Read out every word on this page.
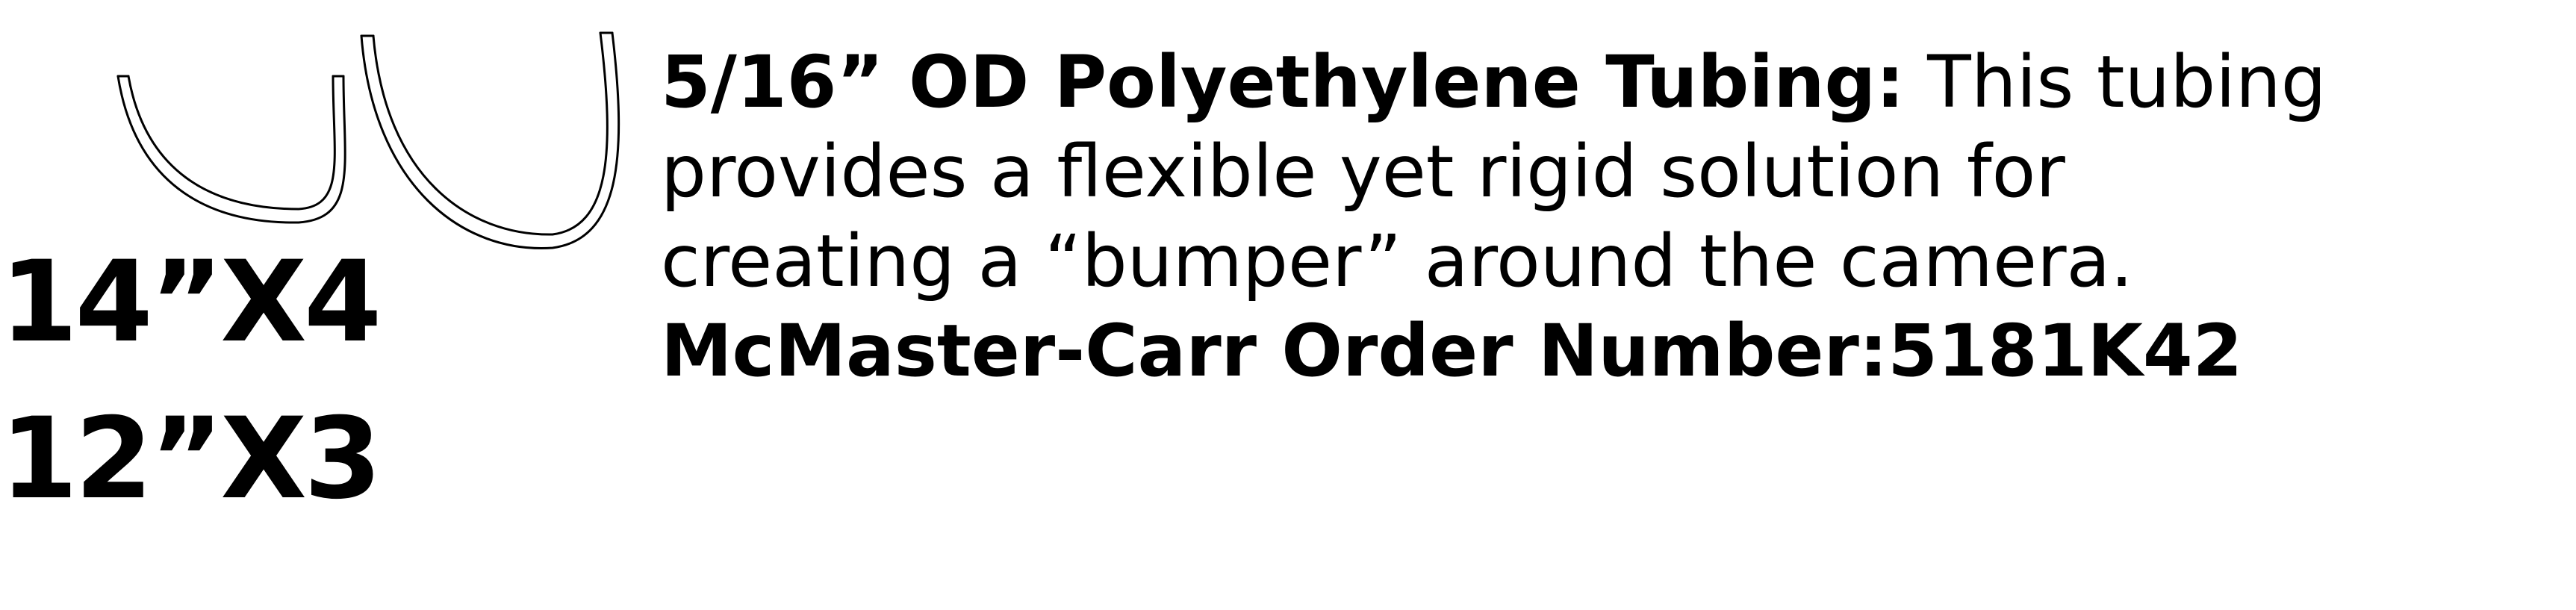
14”X4
12”X3
5/16” OD Polyethylene Tubing: This tubing
provides a flexible yet rigid solution for
creating a “bumper” around the camera.
McMaster-Carr Order Number:5181K42
